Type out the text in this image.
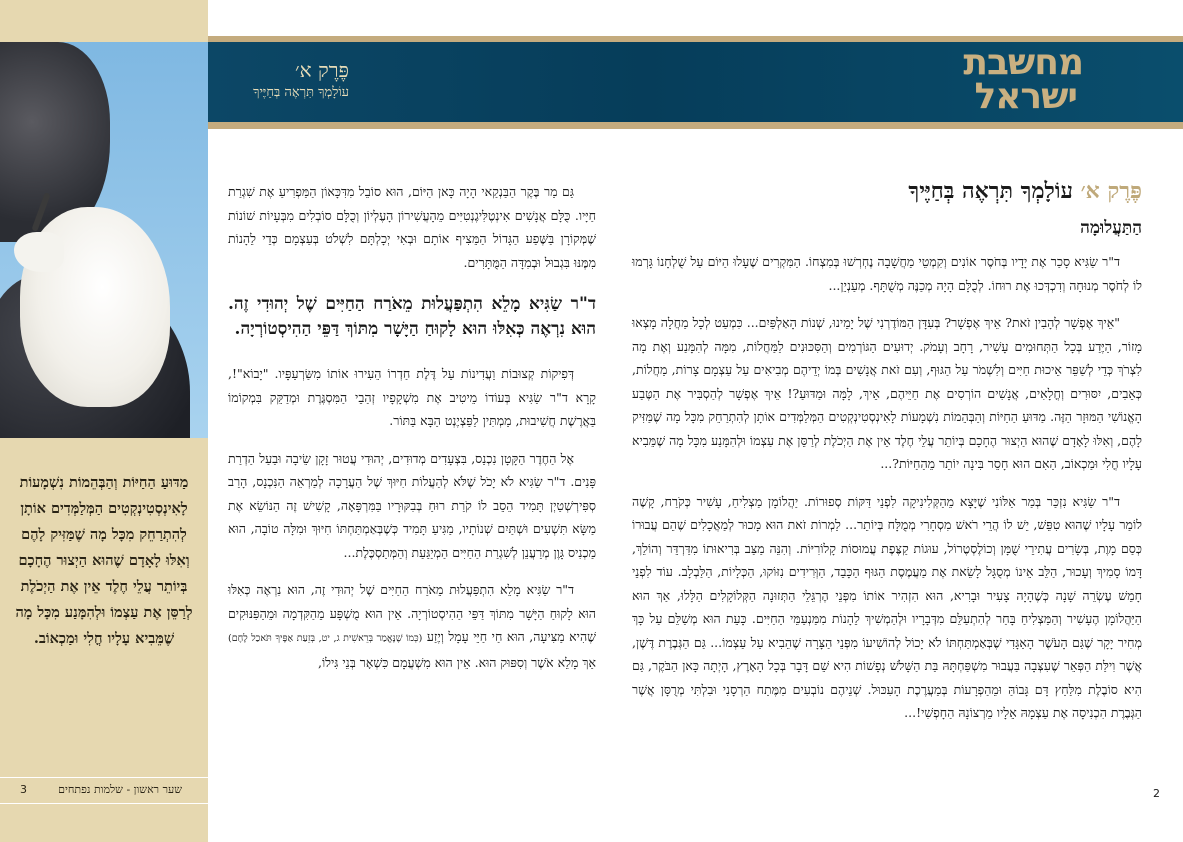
מַדּוּעַ הַחַיּוֹת וְהַבְּהֵמוֹת נִשְׁמָעוֹת לָאִינְסְטִינְקְטִים הַמְּלַמְּדִים אוֹתָן לְהִתְרַחֵק מִכָּל מָה שֶׁמַּזִּיק לָהֶם וְאִלּוּ לָאָדָם שֶׁהוּא הַיְצוּר הֶחָכָם בְּיוֹתֵר עֲלֵי חֶלֶד אֵין אֶת הַיְכֹלֶת לְרַסֵּן אֶת עַצְמוֹ וּלְהִמָּנַע מִכָּל מָה שֶׁמֵּבִיא עָלָיו חֳלִי וּמַכְאוֹב.
שער ראשון - שלמות נפתחים
3
פֶּרֶק א׳
עוֹלָמְךָ תִּרְאֶה בְּחַיֶּיךָ
מחשבת
ישראל
פֶּרֶק א׳ עוֹלָמְךָ תִּרְאֶה בְּחַיֶּיךָ
הַתַּעֲלוּמָה

ד"ר שַׂגִּיא סָכַר אֶת יָדָיו בְּחֹסֶר אוֹנִים וְקִמְטֵי מַחֲשָׁבָה נֶחְרְשׁוּ בְּמִצְחוֹ. הַמִּקְרִים שֶׁעָלוּ הַיּוֹם עַל שֻׁלְחָנוֹ גָּרְמוּ לוֹ לְחֹסֶר מְנוּחָה וְדִכְדְּכוּ אֶת רוּחוֹ. לְכֻלָּם הָיָה מְכַנֶּה מְשֻׁתָּף. מְעַנְיֵן...

"אֵיךְ אֶפְשָׁר לְהָבִין זֹאת? אֵיךְ אֶפְשָׁר? בְּעִדָּן הַמּוֹדֶרְנִי שֶׁל יָמֵינוּ, שְׁנוֹת הָאַלְפַּיִם... כִּמְעַט לְכָל מַחֲלָה מָצְאוּ מָזוֹר, הַיֶּדַע בְּכָל הַתְּחוּמִים עָשִׁיר, רָחָב וְעָמֹק. יְדוּעִים הַגּוֹרְמִים וְהַסִּכּוּנִים לַמַּחֲלוֹת, מִמָּה לְהִמָּנַע וְאֶת מָה לִצְרֹךְ כְּדֵי לְשַׁפֵּר אֵיכוּת חַיִּים וְלִשְׁמֹר עַל הַגּוּף, וְעִם זֹאת אֲנָשִׁים בְּמוֹ יְדֵיהֶם מְבִיאִים עַל עַצְמָם צָרוֹת, מַחֲלוֹת, כְּאֵבִים, יִסּוּרִים וְחֳלָאִים, אֲנָשִׁים הוֹרְסִים אֶת חַיֵּיהֶם, אֵיךְ, לָמָּה וּמַדּוּעַ?! אֵיךְ אֶפְשָׁר לְהַסְבִּיר אֶת הַטֶּבַע הָאֱנוֹשִׁי הַמּוּזָר הַזֶּה. מַדּוּעַ הַחַיּוֹת וְהַבְּהֵמוֹת נִשְׁמָעוֹת לָאִינְסְטִינְקְטִים הַמְּלַמְּדִים אוֹתָן לְהִתְרַחֵק מִכָּל מָה שֶׁמַּזִּיק לָהֶם, וְאִלּוּ לָאָדָם שֶׁהוּא הַיְצוּר הֶחָכָם בְּיוֹתֵר עֲלֵי חֶלֶד אֵין אֶת הַיְכֹלֶת לְרַסֵּן אֶת עַצְמוֹ וּלְהִמָּנַע מִכָּל מָה שֶׁמֵּבִיא עָלָיו חֳלִי וּמַכְאוֹב, הַאִם הוּא חָסֵר בִּינָה יוֹתֵר מֵהַחַיּוֹת?...

ד"ר שַׂגִּיא נִזְכַּר בְּמַר אַלּוֹנִי שֶׁיָּצָא מֵהַקְּלִינִיקָה לִפְנֵי דַּקּוֹת סְפוּרוֹת. יַהֲלוֹמָן מַצְלִיחַ, עָשִׁיר כְּקֹרַח, קָשֶׁה לוֹמַר עָלָיו שֶׁהוּא טִפֵּשׁ, יֵשׁ לוֹ הֲרֵי רֹאשׁ מִסְחָרִי מְמֻלָּח בְּיוֹתֵר... לַמְרוֹת זֹאת הוּא מָכוּר לְמַאֲכָלִים שֶׁהֵם עֲבוּרוֹ כְּסַם מָוֶת, בְּשָׂרִים עֲתִירֵי שֻׁמָּן וְכוֹלֶסְטֶרוֹל, עוּגוֹת קַצֶּפֶת עֲמוּסוֹת קָלוֹרִיּוֹת. וְהִנֵּה מַצַּב בְּרִיאוּתוֹ מִדַּרְדֵּר וְהוֹלֵךְ, דָּמוֹ סָמִיךְ וְעָכוּר, הַלֵּב אֵינוֹ מְסֻגָּל לָשֵׂאת אֶת מַעֲמֶסֶת הַגּוּף הַכָּבֵד, הַוְּרִידִים נִזּוֹקוּ, הַכְּלָיוֹת, הַלַּבְלָב. עוֹד לִפְנֵי חָמֵשׁ עֶשְׂרֵה שָׁנָה כְּשֶׁהָיָה צָעִיר וּבָרִיא, הוּא הִזְהִיר אוֹתוֹ מִפְּנֵי הֶרְגֵּלֵי הַתְּזוּנָה הַקְּלוֹקָלִים הַלָּלוּ, אַךְ הוּא הַיַּהֲלוֹמָן הֶעָשִׁיר וְהַמַּצְלִיחַ בָּחַר לְהִתְעַלֵּם מִדְּבָרָיו וּלְהַמְשִׁיךְ לֵהָנוֹת מִמַּנְעַמֵּי הַחַיִּים. כָּעֵת הוּא מְשַׁלֵּם עַל כָּךְ מְחִיר יָקָר שֶׁגַּם הָעֹשֶׁר הָאַגָּדִי שֶׁבְּאַמְתַּחְתּוֹ לֹא יָכוֹל לְהוֹשִׁיעוֹ מִפְּנֵי הַצָּרָה שֶׁהֵבִיא עַל עַצְמוֹ... גַּם הַגְּבֶרֶת דֶּשֶׁן, אֲשֶׁר וִילַּת הַפְּאֵר שֶׁעִצְּבָה בַּעֲבוּר מִשְׁפַּחְתָּהּ בַּת הַשָּׁלֹשׁ נְפָשׁוֹת הִיא שֵׁם דָּבָר בְּכָל הָאָרֶץ, הָיְתָה כָּאן הַבֹּקֶר, גַּם הִיא סוֹבֶלֶת מִלַּחַץ דָּם גָּבוֹהַּ וּמֵהַפְרָעוֹת בְּמַעֲרֶכֶת הָעִכּוּל. שְׁנֵיהֶם נוֹבְעִים מִמֶּתַח הַרְסָנִי וּבִלְתִּי מְרֻסָּן אֲשֶׁר הַגְּבֶרֶת הִכְנִיסָה אֶת עַצְמָהּ אֵלָיו מֵרְצוֹנָהּ הַחָפְשִׁי!...

2

גַּם מַר בֶּקֶר הַבַּנְקַאי הָיָה כָּאן הַיּוֹם, הוּא סוֹבֵל מִדִּכָּאוֹן הַמַּפְרִיעַ אֶת שִׁגְרַת חַיָּיו. כֻּלָּם אֲנָשִׁים אִינְטֶלִּיגֶנְטִיִּים מֵהָעֲשִׁירוֹן הָעֶלְיוֹן וְכֻלָּם סוֹבְלִים מִבְּעָיוֹת שׁוֹנוֹת שֶׁמְּקוֹרָן בַּשֶּׁפַע הַגָּדוֹל הַמֵּצִיף אוֹתָם וּבְאִי יְכָלְתָּם לִשְׁלֹט בְּעַצְמָם כְּדֵי לֵהָנוֹת מִמֶּנּוּ בִּגְבוּל וּבְמִדָּה הַמֻּתָּרִים.

ד"ר שַׂגִּיא מָלֵא הִתְפַּעֲלוּת מֵאֹרַח הַחַיִּים שֶׁל יְהוּדִי זֶה. הוּא נִרְאֶה כְּאִלּוּ הוּא לָקוּחַ הַיָּשָׁר מִתּוֹךְ דַּפֵּי הַהִיסְטוֹרְיָה.

דְּפִיקוֹת קְצוּבוֹת וַעֲדִינוֹת עַל דֶּלֶת חַדְרוֹ הֵעִירוּ אוֹתוֹ מִשַּׂרְעַפָּיו. "יָבוֹא"!, קָרָא ד"ר שַׂגִּיא בְּעוֹדוֹ מֵיטִיב אֶת מִשְׁקָפָיו זְהַבֵי הַמִּסְגֶּרֶת וּמְדַקֵּק בִּמְקוֹמוֹ בַּאֲרֶשֶׁת חֲשִׁיבוּת, מַמְתִּין לַפַּצְיֶנְט הַבָּא בַּתּוֹר.

אֶל הַחֶדֶר הַקָּטָן נִכְנַס, בִּצְעָדִים מְדוּדִים, יְהוּדִי עֲטוּר זָקָן שֵׂיבָה וּבַעַל הַדְרַת פָּנִים. ד"ר שַׂגִּיא לֹא יָכֹל שֶׁלֹּא לְהַעֲלוֹת חִיּוּךְ שֶׁל הַעֲרָכָה לְמַרְאֵה הַנִּכְנָס, הָרַב סְפִּירְשְׁטַיְן תָּמִיד הֵסֵב לוֹ קֹרַת רוּחַ בְּבִקּוּרָיו בַּמִּרְפָּאָה, קָשִׁישׁ זֶה הַנּוֹשֵׂא אֶת מַשָּׂא תִּשְׁעִים וּשְׁתַּיִם שְׁנוֹתָיו, מַגִּיעַ תָּמִיד כְּשֶׁבְּאַמְתַּחְתּוֹ חִיּוּךְ וּמִלָּה טוֹבָה, הוּא מַכְנִיס גָּוֶן מְרַעֲנֵן לְשִׁגְרַת הַחַיִּים הַמְיַגַּעַת וְהַמְּתַסְכֶּלֶת...

ד"ר שַׂגִּיא מָלֵא הִתְפַּעֲלוּת מֵאֹרַח הַחַיִּים שֶׁל יְהוּדִי זֶה, הוּא נִרְאֶה כְּאִלּוּ הוּא לָקוּחַ הַיָּשָׁר מִתּוֹךְ דַּפֵּי הַהִיסְטוֹרְיָה. אֵין הוּא מֻשְׁפָּע מֵהַקִּדְמָה וּמֵהַפִּנּוּקִים שֶׁהִיא מַצִּיעָה, הוּא חַי חַיֵּי עָמָל וְיֶזַע (כְּמוֹ שֶׁנֶּאֱמַר בְּרֵאשִׁית ג, יט, בְּזֵעַת אַפֶּיךָ תֹּאכַל לֶחֶם) אַךְ מָלֵא אֹשֶׁר וְסִפּוּק הוּא. אֵין הוּא מִשְׁעֲמָם כִּשְׁאָר בְּנֵי גִּילוֹ,
